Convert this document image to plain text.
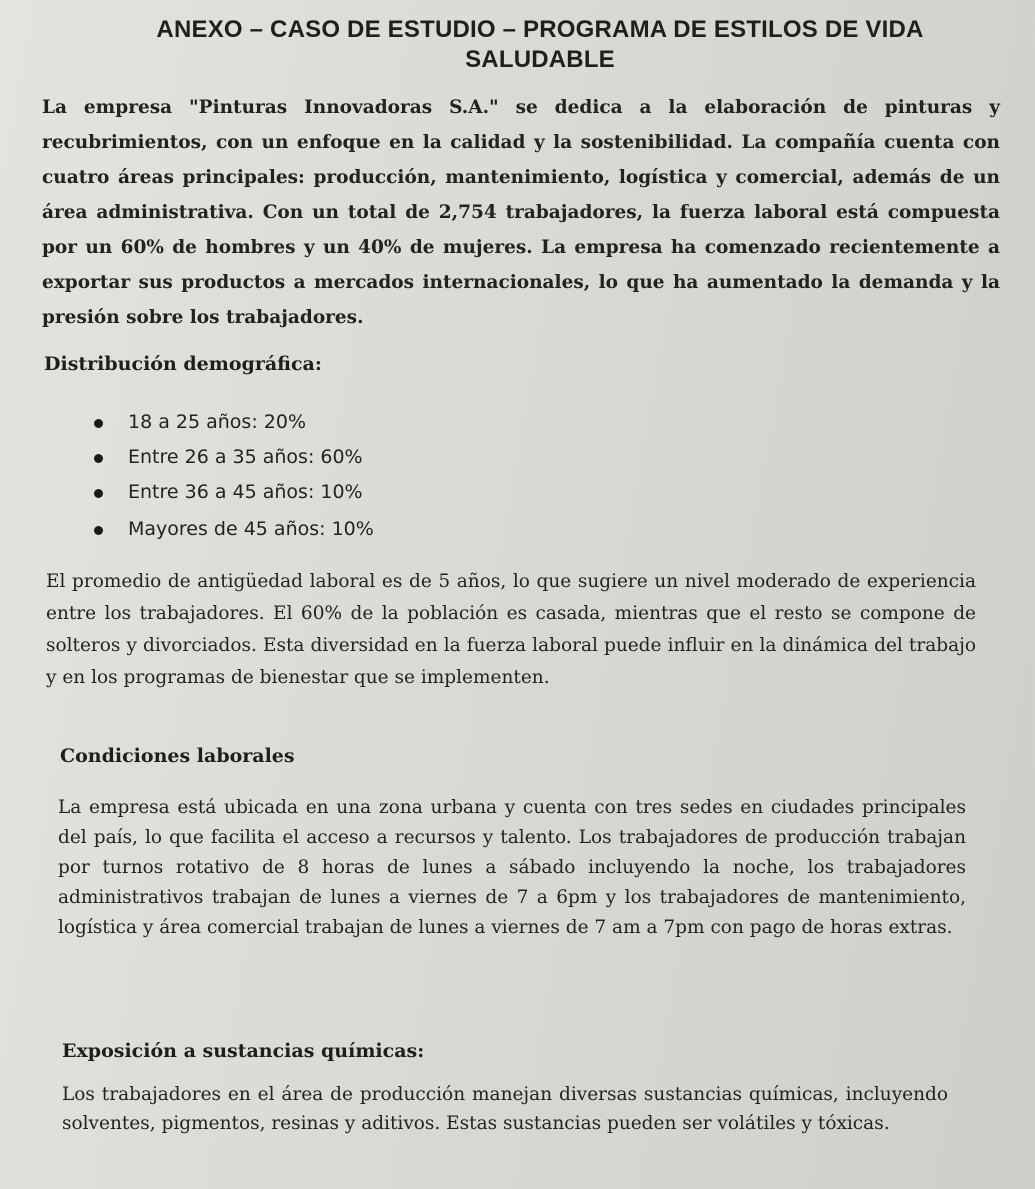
ANEXO – CASO DE ESTUDIO – PROGRAMA DE ESTILOS DE VIDA
SALUDABLE

La empresa "Pinturas Innovadoras S.A." se dedica a la elaboración de pinturas y recubrimientos, con un enfoque en la calidad y la sostenibilidad. La compañía cuenta con cuatro áreas principales: producción, mantenimiento, logística y comercial, además de un área administrativa. Con un total de 2,754 trabajadores, la fuerza laboral está compuesta por un 60% de hombres y un 40% de mujeres. La empresa ha comenzado recientemente a exportar sus productos a mercados internacionales, lo que ha aumentado la demanda y la presión sobre los trabajadores.

Distribución demográfica:
18 a 25 años: 20%
Entre 26 a 35 años: 60%
Entre 36 a 45 años: 10%
Mayores de 45 años: 10%

El promedio de antigüedad laboral es de 5 años, lo que sugiere un nivel moderado de experiencia entre los trabajadores. El 60% de la población es casada, mientras que el resto se compone de solteros y divorciados. Esta diversidad en la fuerza laboral puede influir en la dinámica del trabajo y en los programas de bienestar que se implementen.

Condiciones laborales

La empresa está ubicada en una zona urbana y cuenta con tres sedes en ciudades principales del país, lo que facilita el acceso a recursos y talento. Los trabajadores de producción trabajan por turnos rotativo de 8 horas de lunes a sábado incluyendo la noche, los trabajadores administrativos trabajan de lunes a viernes de 7 a 6pm y los trabajadores de mantenimiento, logística y área comercial trabajan de lunes a viernes de 7 am a 7pm con pago de horas extras.

Exposición a sustancias químicas:

Los trabajadores en el área de producción manejan diversas sustancias químicas, incluyendo solventes, pigmentos, resinas y aditivos. Estas sustancias pueden ser volátiles y tóxicas.
